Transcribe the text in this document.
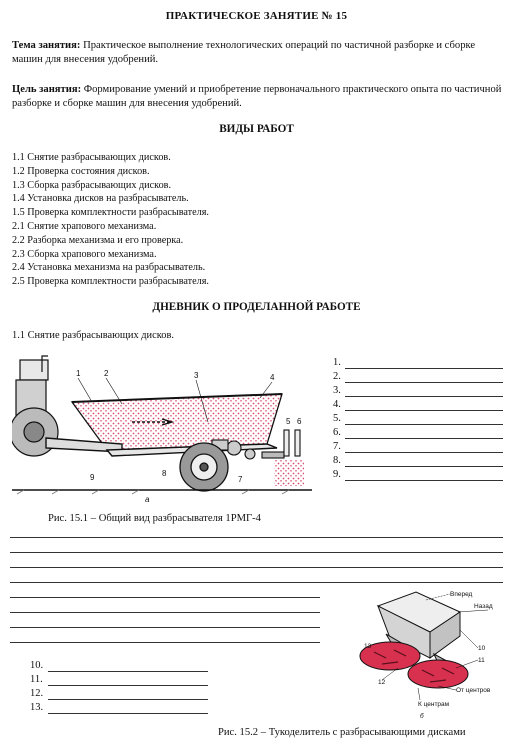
ПРАКТИЧЕСКОЕ ЗАНЯТИЕ № 15
Тема занятия: Практическое выполнение технологических операций по частичной разборке и сборке машин для внесения удобрений.
Цель занятия: Формирование умений и приобретение первоначального практического опыта по частичной разборке и сборке машин для внесения удобрений.
ВИДЫ РАБОТ
1.1 Снятие разбрасывающих дисков.
1.2 Проверка состояния дисков.
1.3 Сборка разбрасывающих дисков.
1.4 Установка дисков на разбрасыватель.
1.5 Проверка комплектности разбрасывателя.
2.1 Снятие храпового механизма.
2.2 Разборка механизма и его проверка.
2.3 Сборка храпового механизма.
2.4 Установка механизма на разбрасыватель.
2.5 Проверка комплектности разбрасывателя.
ДНЕВНИК О ПРОДЕЛАННОЙ РАБОТЕ
1.1 Снятие разбрасывающих дисков.
1	2	3	4
5 6
7
8
9
а
Рис. 15.1 – Общий вид разбрасывателя 1РМГ-4
1.
2.
3.
4.
5.
6.
7.
8.
9.
10.
11.
12.
13.
Вперед
Назад
13	10
11
12
От центров
К центрам
б
Рис. 15.2 – Тукоделитель с разбрасывающими дисками
